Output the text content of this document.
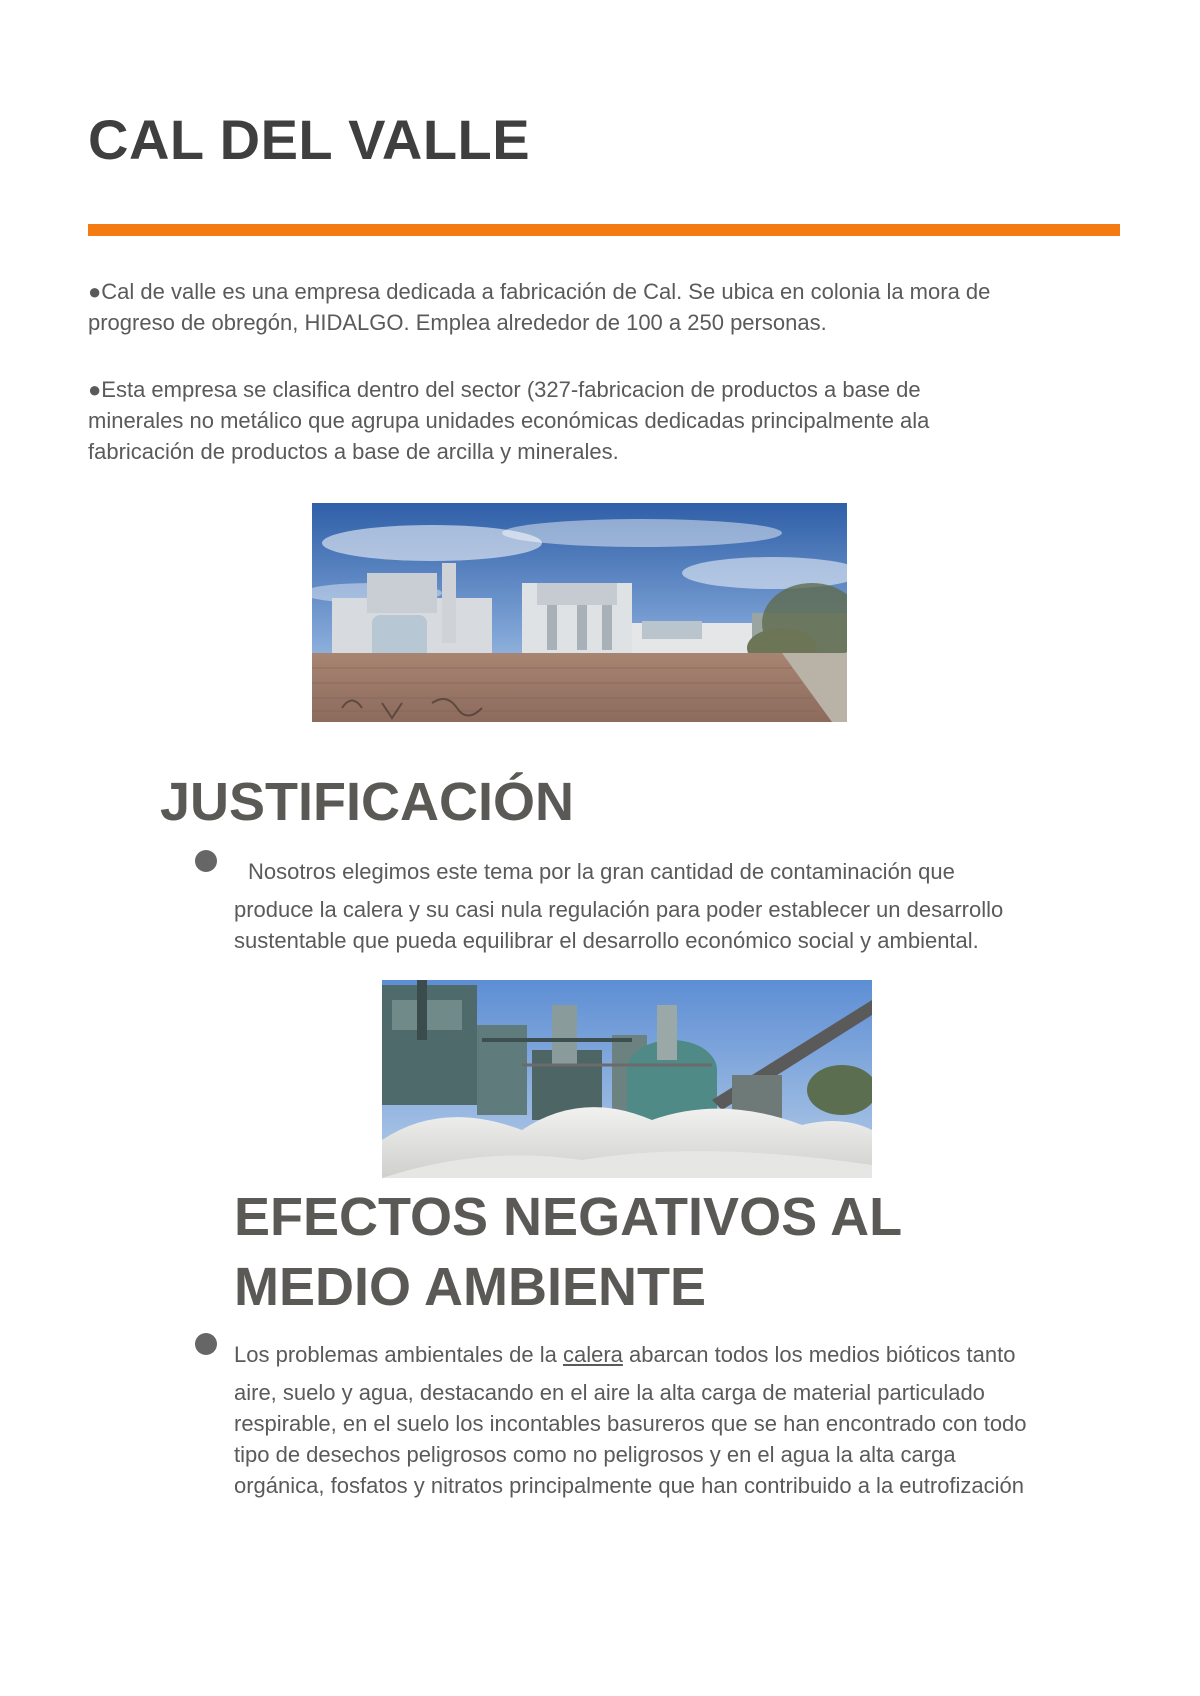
CAL DEL VALLE

●Cal de valle es una empresa dedicada a fabricación de Cal. Se ubica en colonia la mora de
progreso de obregón, HIDALGO. Emplea alrededor de 100 a 250 personas.

●Esta empresa se clasifica dentro del sector (327-fabricacion de productos a base de
minerales no metálico que agrupa unidades económicas dedicadas principalmente ala
fabricación de productos a base de arcilla y minerales.

JUSTIFICACIÓN

Nosotros elegimos este tema por la gran cantidad de contaminación que
produce la calera y su casi nula regulación para poder establecer un desarrollo
sustentable que pueda equilibrar el desarrollo económico social y ambiental.

EFECTOS NEGATIVOS AL
MEDIO AMBIENTE

Los problemas ambientales de la calera abarcan todos los medios bióticos tanto
aire, suelo y agua, destacando en el aire la alta carga de material particulado
respirable, en el suelo los incontables basureros que se han encontrado con todo
tipo de desechos peligrosos como no peligrosos y en el agua la alta carga
orgánica, fosfatos y nitratos principalmente que han contribuido a la eutrofización
